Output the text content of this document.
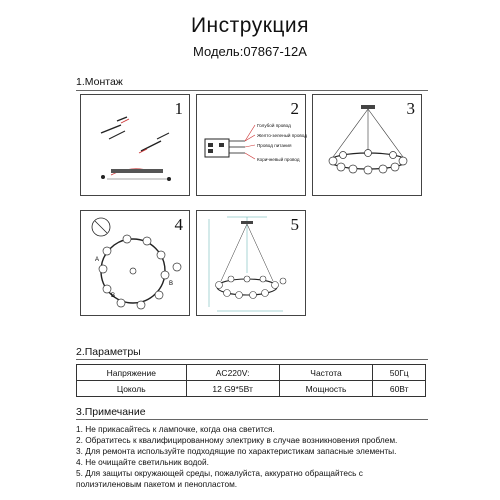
Инструкция
Модель:07867-12A
1.Монтаж
1	2
Голубой провод
Желто-зеленый провод
Провод питания
Коричневый провод
3
4
A
B
B
5
2.Параметры
Напряжение	AC220V:	Частота	50Гц
Цоколь	12 G9*5Вт	Мощность	60Вт
3.Примечание
1. Не прикасайтесь к лампочке, когда она светится.
2. Обратитесь к квалифицированному электрику в случае возникновения проблем.
3. Для ремонта используйте подходящие по характеристикам запасные элементы.
4. Не очищайте светильник водой.
5. Для защиты окружающей среды, пожалуйста, аккуратно обращайтесь с
полиэтиленовым пакетом и пенопластом.
